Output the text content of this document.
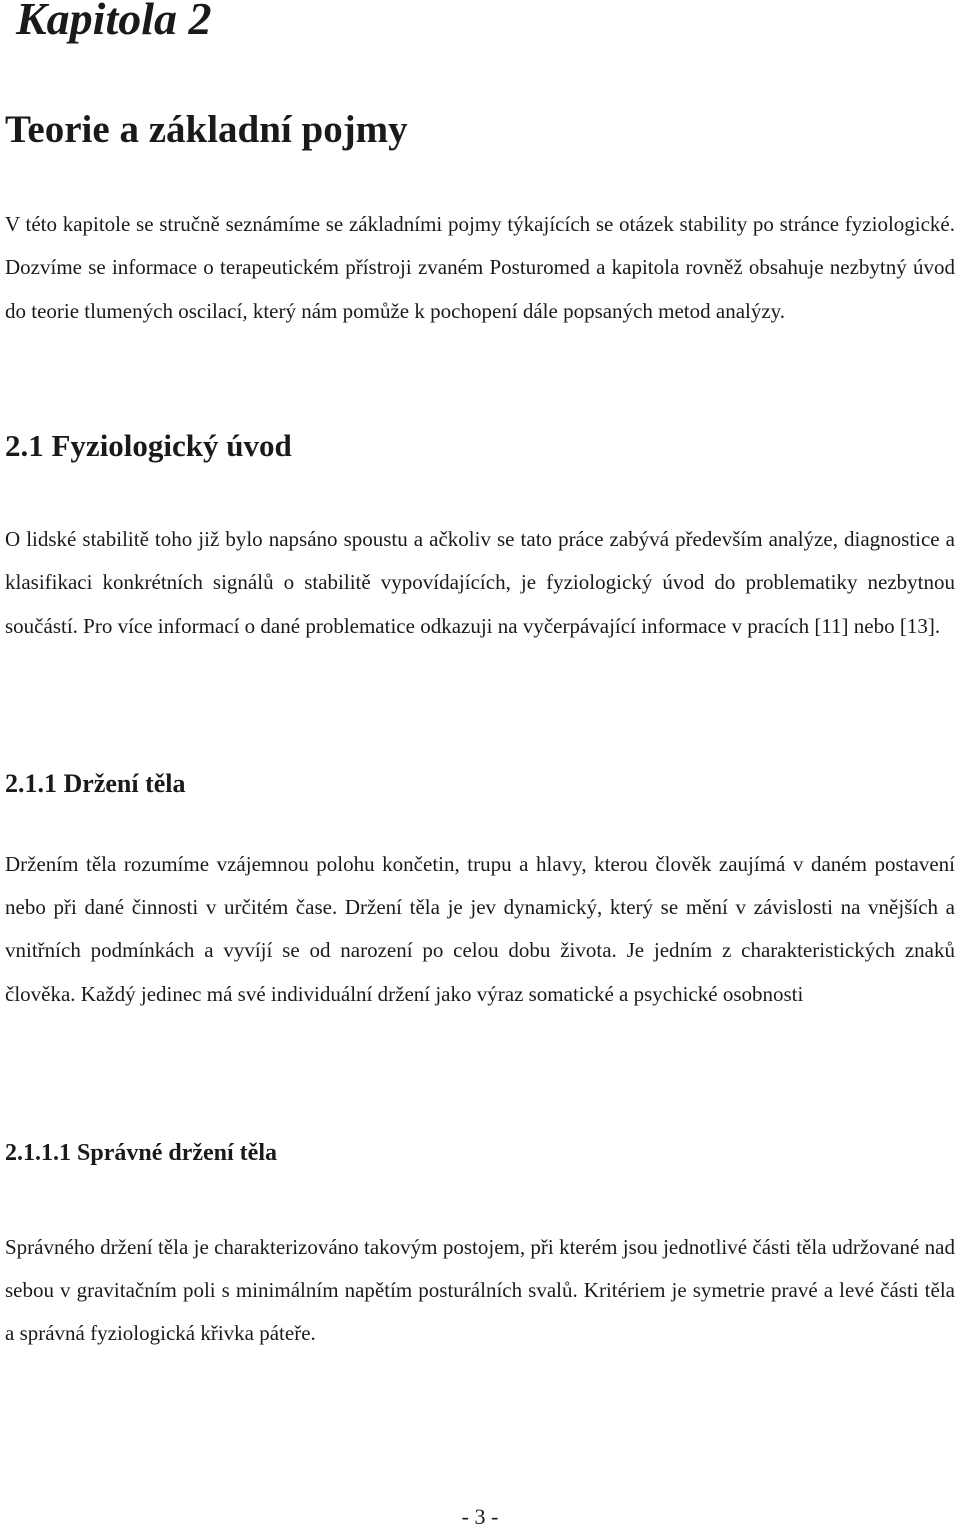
Kapitola 2
Teorie a základní pojmy

V této kapitole se stručně seznámíme se základními pojmy týkajících se otázek stability po stránce fyziologické. Dozvíme se informace o terapeutickém přístroji zvaném Posturomed a kapitola rovněž obsahuje nezbytný úvod do teorie tlumených oscilací, který nám pomůže k pochopení dále popsaných metod analýzy.

2.1 Fyziologický úvod

O lidské stabilitě toho již bylo napsáno spoustu a ačkoliv se tato práce zabývá především analýze, diagnostice a klasifikaci konkrétních signálů o stabilitě vypovídajících, je fyziologický úvod do problematiky nezbytnou součástí. Pro více informací o dané problematice odkazuji na vyčerpávající informace v pracích [11] nebo [13].

2.1.1 Držení těla

Držením těla rozumíme vzájemnou polohu končetin, trupu a hlavy, kterou člověk zaujímá v daném postavení nebo při dané činnosti v určitém čase. Držení těla je jev dynamický, který se mění v závislosti na vnějších a vnitřních podmínkách a vyvíjí se od narození po celou dobu života. Je jedním z charakteristických znaků člověka. Každý jedinec má své individuální držení jako výraz somatické a psychické osobnosti

2.1.1.1 Správné držení těla

Správného držení těla je charakterizováno takovým postojem, při kterém jsou jednotlivé části těla udržované nad sebou v gravitačním poli s minimálním napětím posturálních svalů. Kritériem je symetrie pravé a levé části těla a správná fyziologická křivka páteře.

- 3 -
